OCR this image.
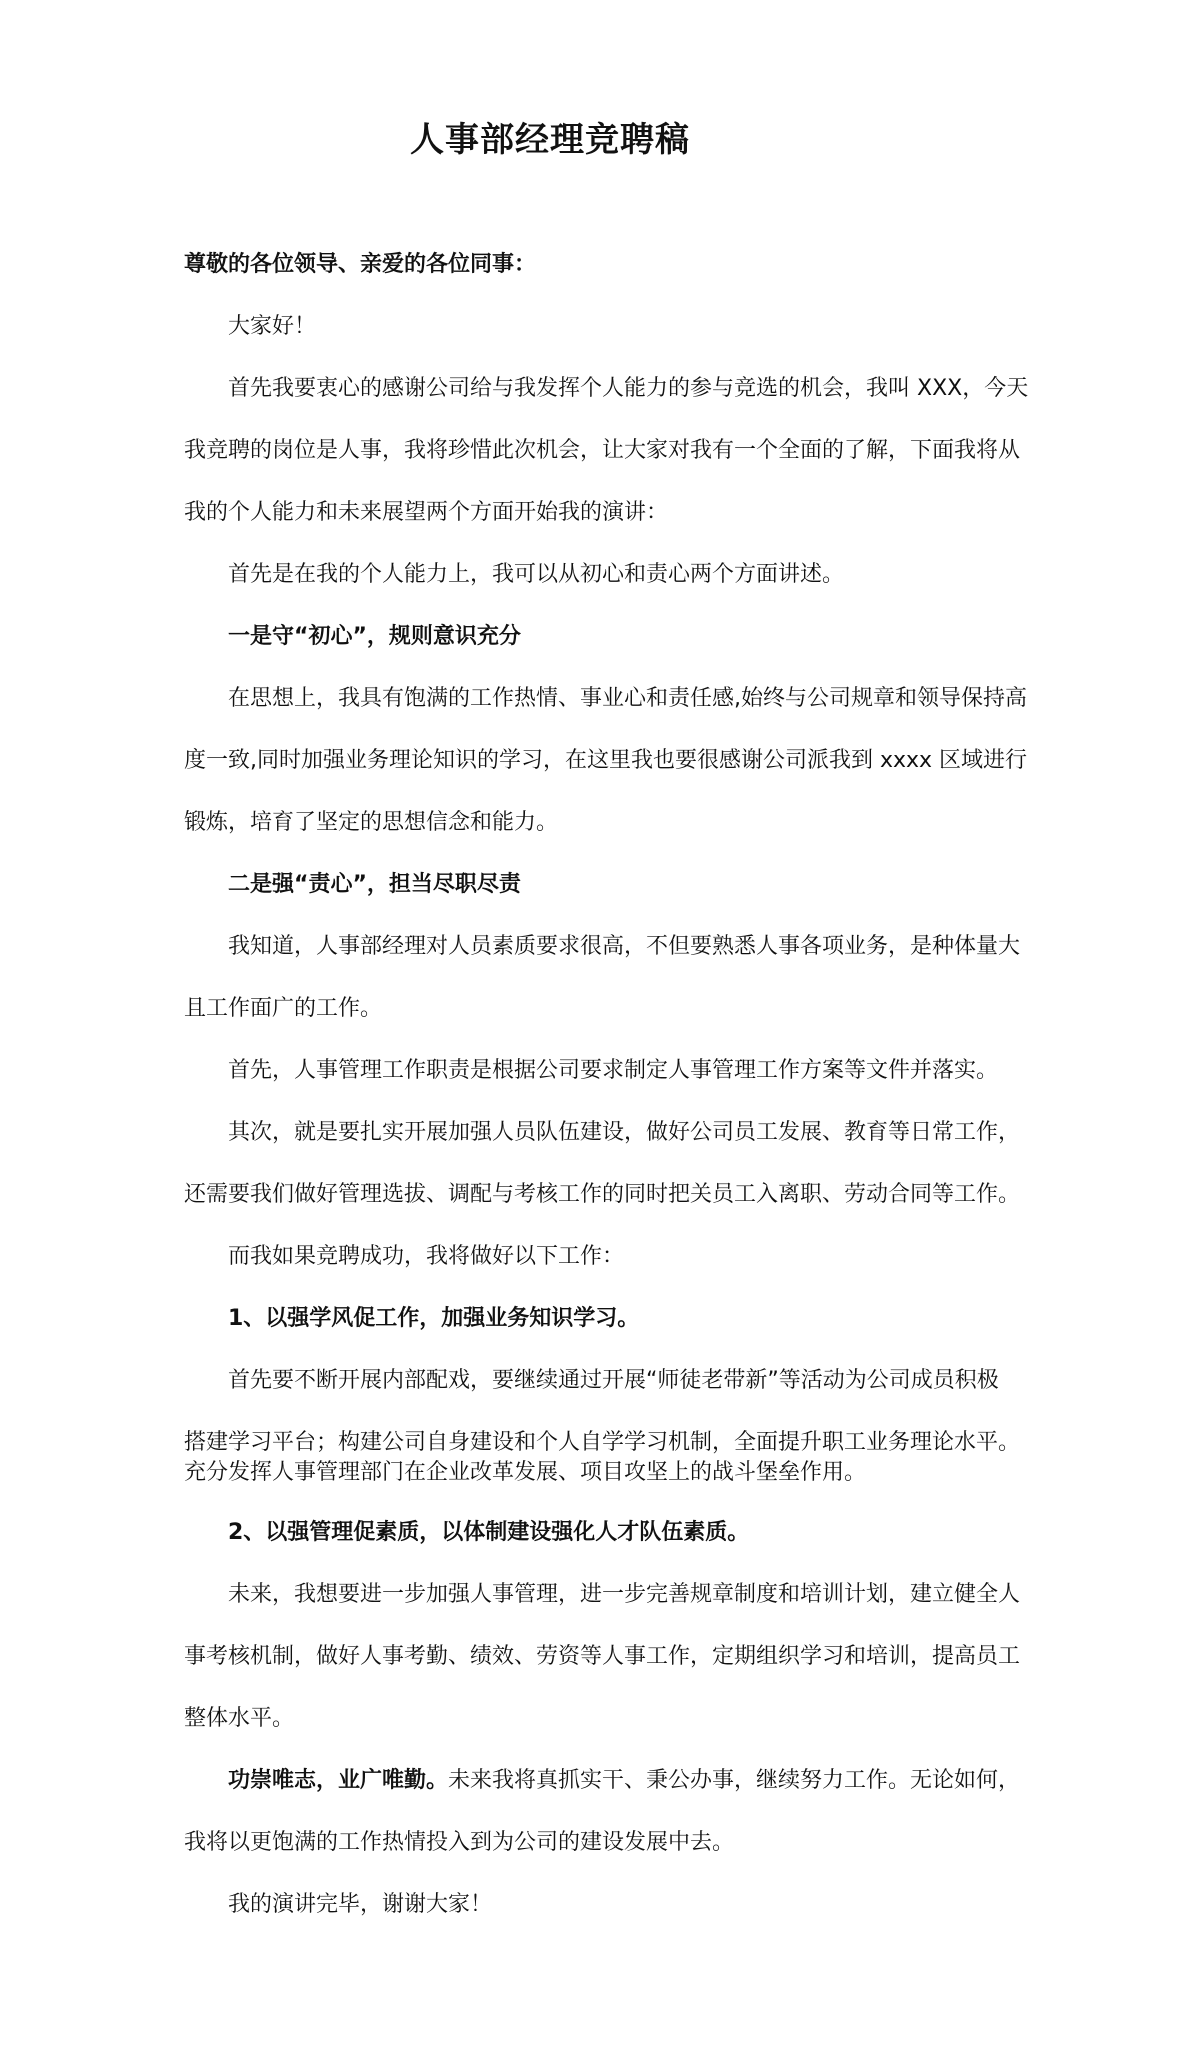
人事部经理竞聘稿
尊敬的各位领导、亲爱的各位同事：
大家好！
首先我要衷心的感谢公司给与我发挥个人能力的参与竞选的机会，我叫 XXX，今天
我竞聘的岗位是人事，我将珍惜此次机会，让大家对我有一个全面的了解，下面我将从
我的个人能力和未来展望两个方面开始我的演讲：
首先是在我的个人能力上，我可以从初心和责心两个方面讲述。
一是守“初心”，规则意识充分
在思想上，我具有饱满的工作热情、事业心和责任感,始终与公司规章和领导保持高
度一致,同时加强业务理论知识的学习，在这里我也要很感谢公司派我到 xxxx 区域进行
锻炼，培育了坚定的思想信念和能力。
二是强“责心”，担当尽职尽责
我知道，人事部经理对人员素质要求很高，不但要熟悉人事各项业务，是种体量大
且工作面广的工作。
首先，人事管理工作职责是根据公司要求制定人事管理工作方案等文件并落实。
其次，就是要扎实开展加强人员队伍建设，做好公司员工发展、教育等日常工作，
还需要我们做好管理选拔、调配与考核工作的同时把关员工入离职、劳动合同等工作。
而我如果竞聘成功，我将做好以下工作：
1、以强学风促工作，加强业务知识学习。
首先要不断开展内部配戏，要继续通过开展“师徒老带新”等活动为公司成员积极
搭建学习平台；构建公司自身建设和个人自学学习机制，全面提升职工业务理论水平。
充分发挥人事管理部门在企业改革发展、项目攻坚上的战斗堡垒作用。
2、以强管理促素质，以体制建设强化人才队伍素质。
未来，我想要进一步加强人事管理，进一步完善规章制度和培训计划，建立健全人
事考核机制，做好人事考勤、绩效、劳资等人事工作，定期组织学习和培训，提高员工
整体水平。
功崇唯志，业广唯勤。未来我将真抓实干、秉公办事，继续努力工作。无论如何，
我将以更饱满的工作热情投入到为公司的建设发展中去。
我的演讲完毕，谢谢大家！
